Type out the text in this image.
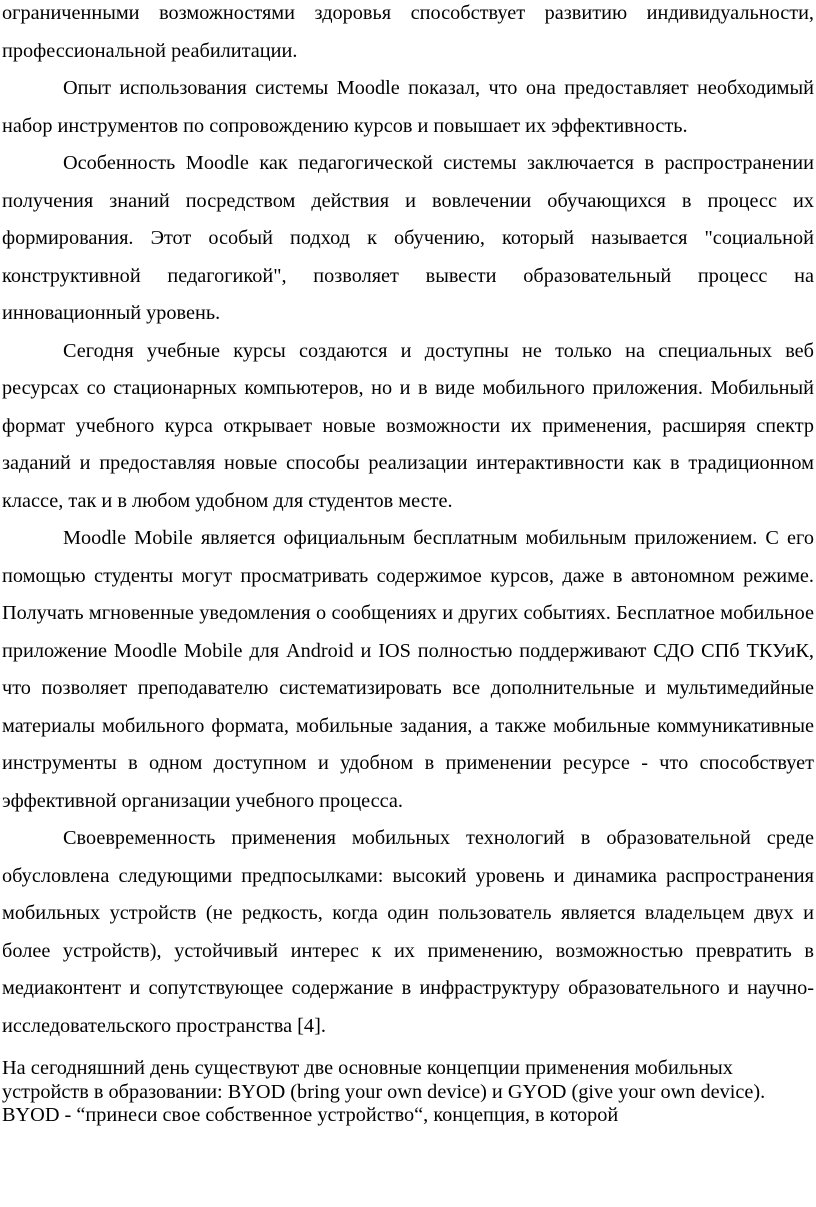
ограниченными возможностями здоровья способствует развитию индивидуальности, профессиональной реабилитации.

Опыт использования системы Moodle показал, что она предоставляет необходимый набор инструментов по сопровождению курсов и повышает их эффективность.

Особенность Moodle как педагогической системы заключается в распространении получения знаний посредством действия и вовлечении обучающихся в процесс их формирования. Этот особый подход к обучению, который называется "социальной конструктивной педагогикой", позволяет вывести образовательный процесс на инновационный уровень.

Сегодня учебные курсы создаются и доступны не только на специальных веб ресурсах со стационарных компьютеров, но и в виде мобильного приложения. Мобильный формат учебного курса открывает новые возможности их применения, расширяя спектр заданий и предоставляя новые способы реализации интерактивности как в традиционном классе, так и в любом удобном для студентов месте.

Moodle Mobile является официальным бесплатным мобильным приложением. С его помощью студенты могут просматривать содержимое курсов, даже в автономном режиме. Получать мгновенные уведомления о сообщениях и других событиях. Бесплатное мобильное приложение Moodle Mobile для Android и IOS полностью поддерживают СДО СПб ТКУиК, что позволяет преподавателю систематизировать все дополнительные и мультимедийные материалы мобильного формата, мобильные задания, а также мобильные коммуникативные инструменты в одном доступном и удобном в применении ресурсе - что способствует эффективной организации учебного процесса.

Своевременность применения мобильных технологий в образовательной среде обусловлена следующими предпосылками: высокий уровень и динамика распространения мобильных устройств (не редкость, когда один пользователь является владельцем двух и более устройств), устойчивый интерес к их применению, возможностью превратить в медиаконтент и сопутствующее содержание в инфраструктуру образовательного и научно-исследовательского пространства [4].

На сегодняшний день существуют две основные концепции применения мобильных устройств в образовании: BYOD (bring your own device) и GYOD (give your own device). BYOD - “принеси свое собственное устройство“, концепция, в которой
